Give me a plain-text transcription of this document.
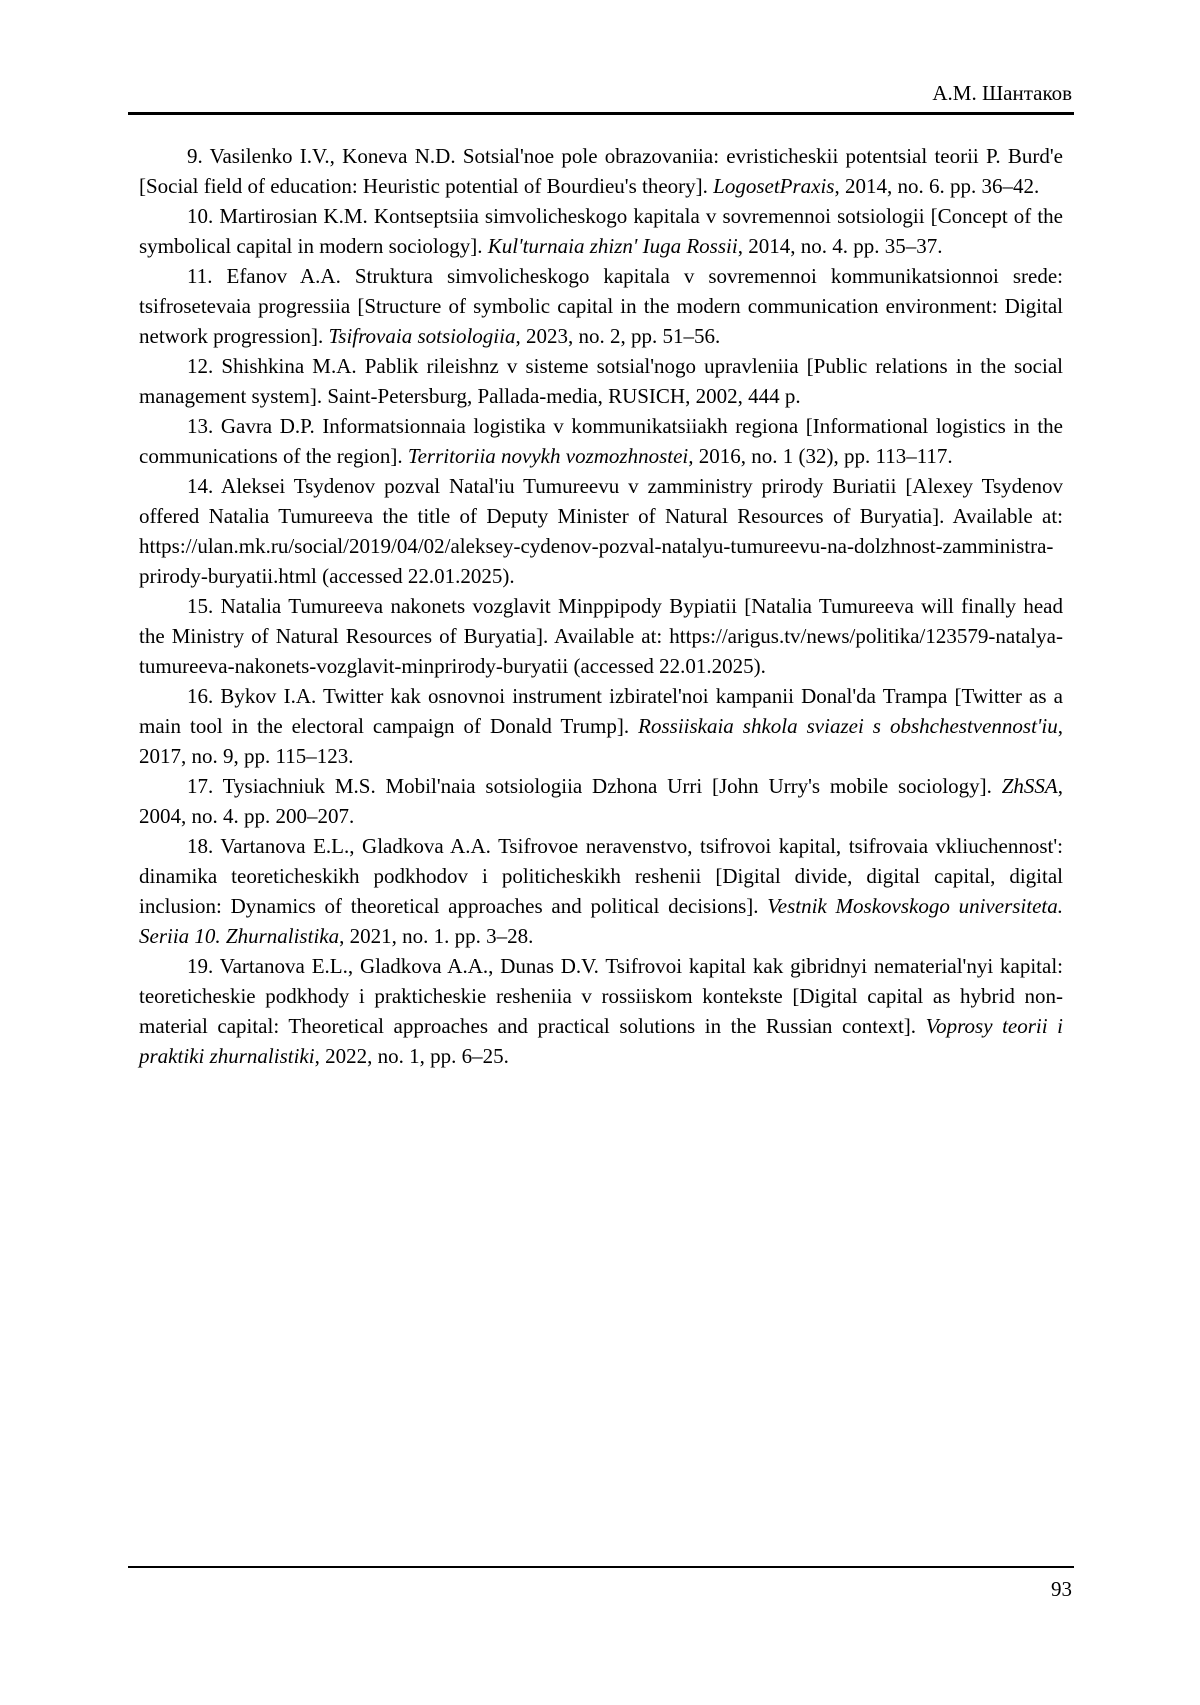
А.М. Шантаков

9. Vasilenko I.V., Koneva N.D. Sotsial'noe pole obrazovaniia: evristicheskii potentsial teorii P. Burd'e [Social field of education: Heuristic potential of Bourdieu's theory]. LogosetPraxis, 2014, no. 6. pp. 36–42.

10. Martirosian K.M. Kontseptsiia simvolicheskogo kapitala v sovremennoi sotsiologii [Concept of the symbolical capital in modern sociology]. Kul'turnaia zhizn' Iuga Rossii, 2014, no. 4. pp. 35–37.

11. Efanov A.A. Struktura simvolicheskogo kapitala v sovremennoi kommunikatsionnoi srede: tsifrosetevaia progressiia [Structure of symbolic capital in the modern communication environment: Digital network progression]. Tsifrovaia sotsiologiia, 2023, no. 2, pp. 51–56.

12. Shishkina M.A. Pablik rileishnz v sisteme sotsial'nogo upravleniia [Public relations in the social management system]. Saint-Petersburg, Pallada-media, RUSICH, 2002, 444 p.

13. Gavra D.P. Informatsionnaia logistika v kommunikatsiiakh regiona [Informational logistics in the communications of the region]. Territoriia novykh vozmozhnostei, 2016, no. 1 (32), pp. 113–117.

14. Aleksei Tsydenov pozval Natal'iu Tumureevu v zamministry prirody Buriatii [Alexey Tsydenov offered Natalia Tumureeva the title of Deputy Minister of Natural Resources of Buryatia]. Available at: https://ulan.mk.ru/social/2019/04/02/aleksey-cydenov-pozval-natalyu-tumureevu-na-dolzhnost-zamministra-prirody-buryatii.html (accessed 22.01.2025).

15. Natalia Tumureeva nakonets vozglavit Minppipody Bypiatii [Natalia Tumureeva will finally head the Ministry of Natural Resources of Buryatia]. Available at: https://arigus.tv/news/politika/123579-natalya-tumureeva-nakonets-vozglavit-minprirody-buryatii (accessed 22.01.2025).

16. Bykov I.A. Twitter kak osnovnoi instrument izbiratel'noi kampanii Donal'da Trampa [Twitter as a main tool in the electoral campaign of Donald Trump]. Rossiiskaia shkola sviazei s obshchestvennost'iu, 2017, no. 9, pp. 115–123.

17. Tysiachniuk M.S. Mobil'naia sotsiologiia Dzhona Urri [John Urry's mobile sociology]. ZhSSA, 2004, no. 4. pp. 200–207.

18. Vartanova E.L., Gladkova A.A. Tsifrovoe neravenstvo, tsifrovoi kapital, tsifrovaia vkliuchennost': dinamika teoreticheskikh podkhodov i politicheskikh reshenii [Digital divide, digital capital, digital inclusion: Dynamics of theoretical approaches and political decisions]. Vestnik Moskovskogo universiteta. Seriia 10. Zhurnalistika, 2021, no. 1. pp. 3–28.

19. Vartanova E.L., Gladkova A.A., Dunas D.V. Tsifrovoi kapital kak gibridnyi nematerial'nyi kapital: teoreticheskie podkhody i prakticheskie resheniia v rossiiskom kontekste [Digital capital as hybrid non-material capital: Theoretical approaches and practical solutions in the Russian context]. Voprosy teorii i praktiki zhurnalistiki, 2022, no. 1, pp. 6–25.

93
